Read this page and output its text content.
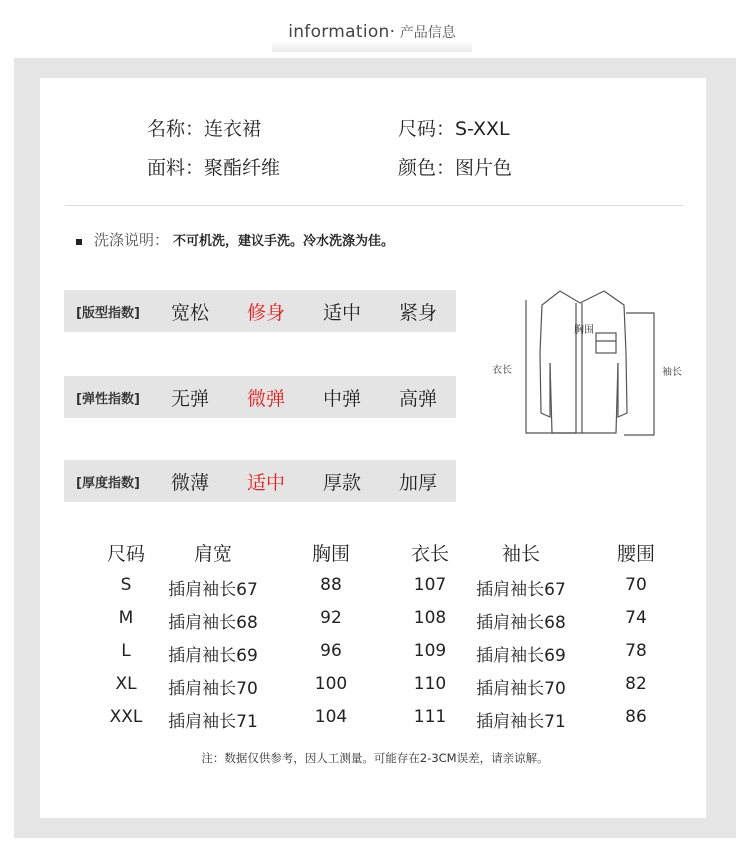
information· 产品信息
名称：连衣裙	尺码：S-XXL
面料：聚酯纤维	颜色：图片色
洗涤说明： 不可机洗，建议手洗。冷水洗涤为佳。
[版型指数]	宽松	修身	适中	紧身
[弹性指数]	无弹	微弹	中弹	高弹
[厚度指数]	微薄	适中	厚款	加厚
胸围
衣长	袖长
尺码	肩宽	胸围	衣长	袖长	腰围
S	插肩袖长67	88	107	插肩袖长67	70
M	插肩袖长68	92	108	插肩袖长68	74
L	插肩袖长69	96	109	插肩袖长69	78
XL	插肩袖长70	100	110	插肩袖长70	82
XXL	插肩袖长71	104	111	插肩袖长71	86
注：数据仅供参考，因人工测量。可能存在2-3CM误差，请亲谅解。
